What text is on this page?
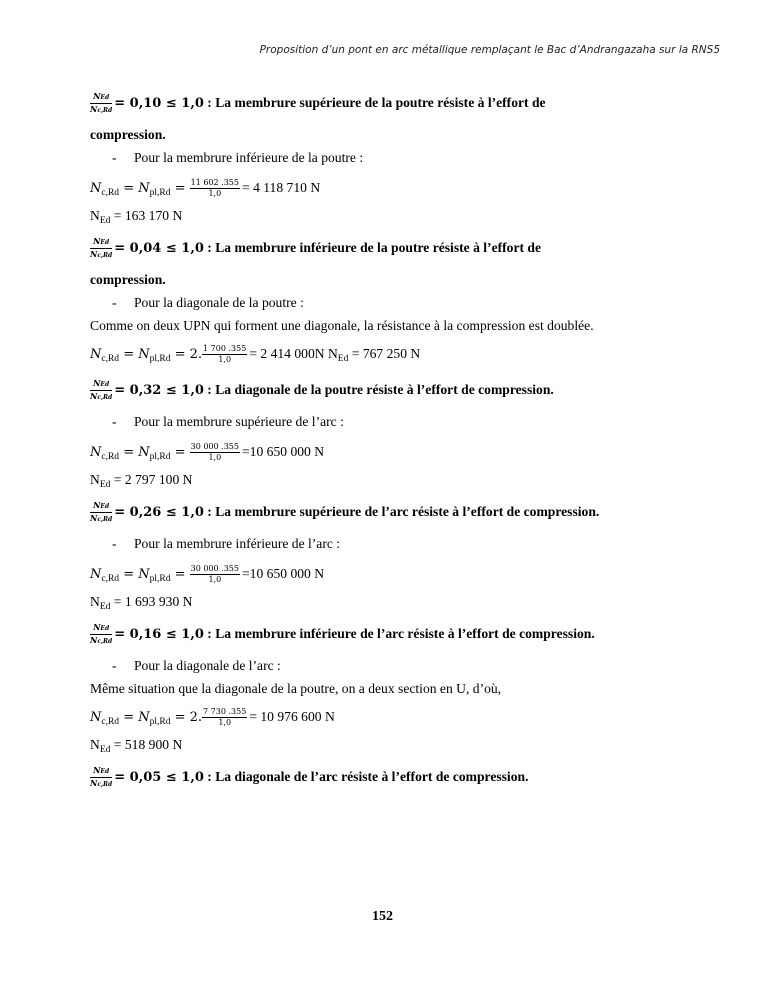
Proposition d’un pont en arc métallique remplaçant le Bac d’Andrangazaha sur la RNS5
$\frac{\text{NEd}}{Nc,Rd} = 0,10 \le 1,0$ : La membrure supérieure de la poutre résiste à l’effort de
compression.
- Pour la membrure inférieure de la poutre :
$N_{c,Rd} = N_{pl,Rd} = \frac{11 602 .355}{1,0} = 4$ 118 710 N
$N_{Ed} = 163$ 170 N
$\frac{\text{NEd}}{Nc,Rd} = 0,04 \le 1,0$ : La membrure inférieure de la poutre résiste à l’effort de
compression.
- Pour la diagonale de la poutre :
Comme on deux UPN qui forment une diagonale, la résistance à la compression est doublée.
$N_{c,Rd} = N_{pl,Rd} = 2$. $\frac{1 700 .355}{1,0} = 2$ 414 000N $N_{Ed} = 767$ 250 N
$\frac{\text{NEd}}{Nc,Rd} = 0,32 \le 1,0$ : La diagonale de la poutre résiste à l’effort de compression.
- Pour la membrure supérieure de l’arc :
$N_{c,Rd} = N_{pl,Rd} = \frac{30 000 .355}{1,0} =10$ 650 000 N
$N_{Ed} = 2$ 797 100 N
$\frac{\text{NEd}}{Nc,Rd} = 0,26 \le 1,0$ : La membrure supérieure de l’arc résiste à l’effort de compression.
- Pour la membrure inférieure de l’arc :
$N_{c,Rd} = N_{pl,Rd} = \frac{30 000 .355}{1,0} =10$ 650 000 N
$N_{Ed} = 1$ 693 930 N
$\frac{\text{NEd}}{Nc,Rd} = 0,16 \le 1,0$ : La membrure inférieure de l’arc résiste à l’effort de compression.
- Pour la diagonale de l’arc :
Même situation que la diagonale de la poutre, on a deux section en U, d’où,
$N_{c,Rd} = N_{pl,Rd} = 2$. $\frac{7 730 .355}{1,0} = 10$ 976 600 N
$N_{Ed} = 518$ 900 N
$\frac{\text{NEd}}{Nc,Rd} = 0,05 \le 1,0$ : La diagonale de l’arc résiste à l’effort de compression.
152
